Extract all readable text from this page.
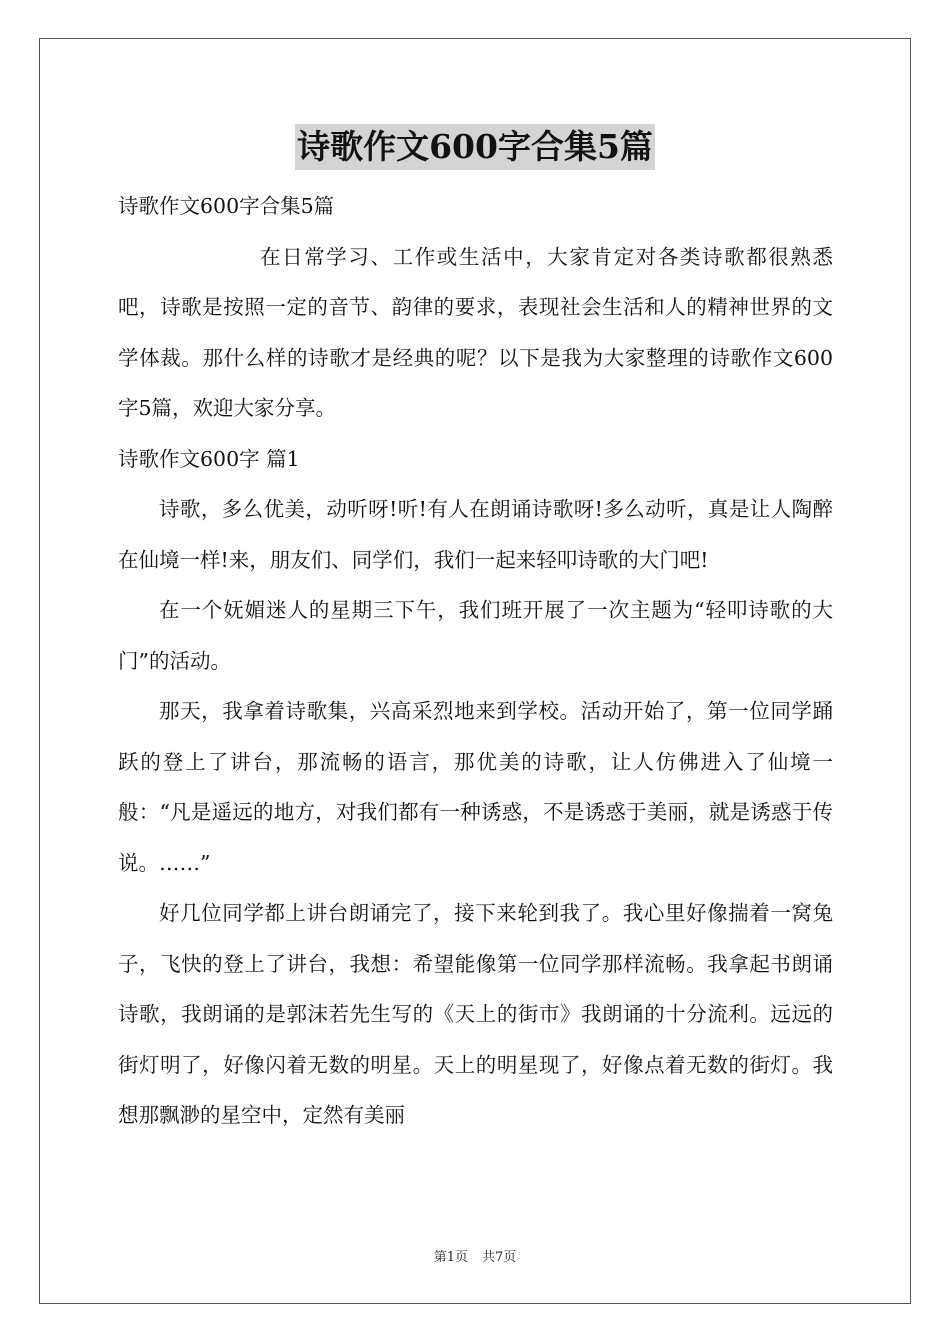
诗歌作文600字合集5篇

诗歌作文600字合集5篇

在日常学习、工作或生活中，大家肯定对各类诗歌都很熟悉吧，诗歌是按照一定的音节、韵律的要求，表现社会生活和人的精神世界的文学体裁。那什么样的诗歌才是经典的呢？以下是我为大家整理的诗歌作文600字5篇，欢迎大家分享。

诗歌作文600字 篇1

诗歌，多么优美，动听呀!听!有人在朗诵诗歌呀!多么动听，真是让人陶醉在仙境一样!来，朋友们、同学们，我们一起来轻叩诗歌的大门吧!

在一个妩媚迷人的星期三下午，我们班开展了一次主题为“轻叩诗歌的大门”的活动。

那天，我拿着诗歌集，兴高采烈地来到学校。活动开始了，第一位同学踊跃的登上了讲台，那流畅的语言，那优美的诗歌，让人仿佛进入了仙境一般：“凡是遥远的地方，对我们都有一种诱惑，不是诱惑于美丽，就是诱惑于传说。……”

好几位同学都上讲台朗诵完了，接下来轮到我了。我心里好像揣着一窝兔子，飞快的登上了讲台，我想：希望能像第一位同学那样流畅。我拿起书朗诵诗歌，我朗诵的是郭沫若先生写的《天上的街市》我朗诵的十分流利。远远的街灯明了，好像闪着无数的明星。天上的明星现了，好像点着无数的街灯。我想那飘渺的星空中，定然有美丽

第1页 共7页
